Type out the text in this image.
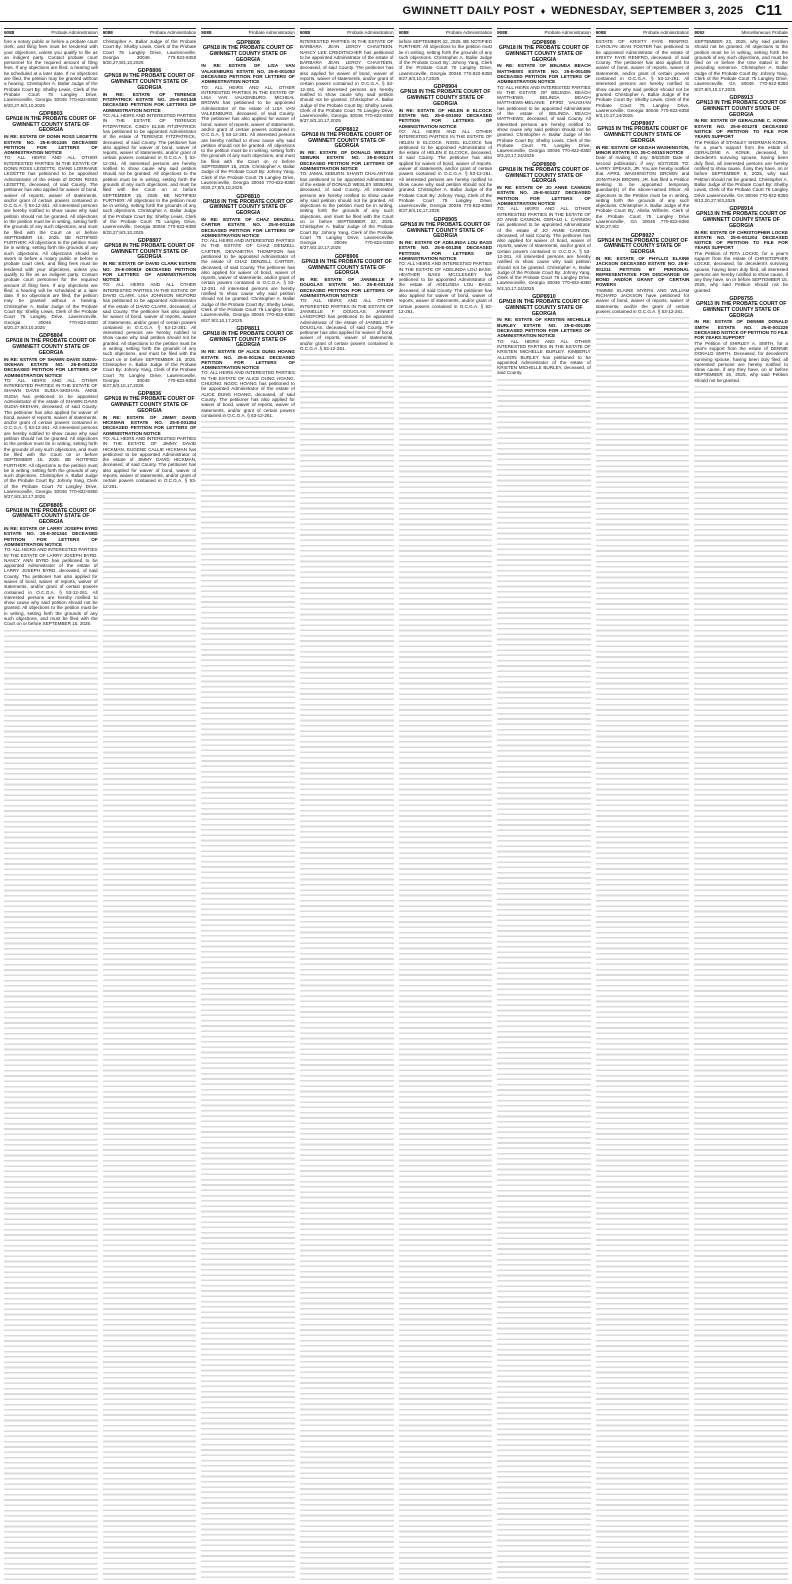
GWINNETT DAILY POST ♦ WEDNESDAY, SEPTEMBER 3, 2025 C11
9088	Probate Administration
fore a notary public or before a probate court clerk, and filing fees must be tendered with your objections, unless you qualify to file as an indigent party. Contact probate court personnel for the required amount of filing fees. If any objections are filed, a hearing will be scheduled at a later date. If no objections are filed, the petition may be granted without a hearing. Christopher A. Ballar Judge of the Probate Court By: Shelby Lewis, Clerk of the Probate Court 75 Langley Drive, Lawrenceville, Georgia 30046 770-822-8350 8/20,27,9/3,10,2025
GDP8803
GPN18 IN THE PROBATE COURT OF GWINNETT COUNTY STATE OF GEORGIA
IN RE: ESTATE OF DONN ROSS LEGETTE ESTATE NO. 25-E-001345 DECEASED PETITION FOR LETTERS OF ADMINISTRATION NOTICE
TO: ALL HEIRS AND ALL OTHER INTERESTED PARTIES IN THE ESTATE OF DONN ROSS LEGETTE. DIANE LORRAINE LEGETTE has petitioned to be appointed Administrator of the estate of DONN ROSS LEGETTE, deceased, of said County. The petitioner has also applied for waiver of bond, waiver of reports, waiver of statements, and/or grant of certain powers contained in O.C.G.A. § 53-12-261. All interested persons are hereby notified to show cause why said petition should not be granted. All objections to the petition must be in writing, setting forth the grounds of any such objections, and must be filed with the Court on or before SEPTEMBER 15, 2025. BE NOTIFIED FURTHER: All objections to the petition must be in writing, setting forth the grounds of any such objections. All objections should be sworn to before a notary public or before a probate court clerk, and filing fees must be tendered with your objections, unless you qualify to file as an indigent party. Contact probate court personnel for the required amount of filing fees. If any objections are filed, a hearing will be scheduled at a later date. If no objections are filed, the petition may be granted without a hearing. Christopher A. Ballar Judge of the Probate Court By: Shelby Lewis, Clerk of the Probate Court 75 Langley Drive, Lawrenceville, Georgia 30046 770-822-8350 8/20,27,9/3,10,2025
GDP8804
GPN18 IN THE PROBATE COURT OF GWINNETT COUNTY STATE OF GEORGIA
IN RE: ESTATE OF SHAWN DAVIS SUDIA-SKEHAN ESTATE NO. 25-E-001223 DECEASED PETITION FOR LETTERS OF ADMINISTRATION NOTICE
TO: ALL HEIRS AND ALL OTHER INTERESTED PARTIES IN THE ESTATE OF SHAWN DAVIS SUDIA-SKEHAN. ANNE SUDIA has petitioned to be appointed Administrator of the estate of SHAWN DAVIS SUDIA-SKEHAN, deceased, of said County. The petitioner has also applied for waiver of bond, waiver of reports, waiver of statements, and/or grant of certain powers contained in O.C.G.A. § 53-12-261. All interested persons are hereby notified to show cause why said petition should not be granted. All objections to the petition must be in writing, setting forth the grounds of any such objections, and must be filed with the Court on or before SEPTEMBER 15, 2025. BE NOTIFIED FURTHER: All objections to the petition must be in writing, setting forth the grounds of any such objections. Christopher A. Ballar Judge of the Probate Court By: Johnny Yang, Clerk of the Probate Court 75 Langley Drive, Lawrenceville, Georgia 30046 770-822-8350 8/27,9/3,10,17,2025
GDP8805
GPN18 IN THE PROBATE COURT OF GWINNETT COUNTY STATE OF GEORGIA
IN RE: ESTATE OF LARRY JOSEPH BYRD ESTATE NO. 25-E-001344 DECEASED PETITION FOR LETTERS OF ADMINISTRATION NOTICE
TO: ALL HEIRS AND INTERESTED PARTIES IN THE ESTATE OF LARRY JOSEPH BYRD. NANCY ANN BYRD has petitioned to be appointed Administrator of the estate of LARRY JOSEPH BYRD, deceased, of said County. The petitioner has also applied for waiver of bond, waiver of reports, waiver of statements, and/or grant of certain powers contained in O.C.G.A. § 53-12-261. All interested persons are hereby notified to show cause why said petition should not be granted. All objections to the petition must be in writing, setting forth the grounds of any such objections, and must be filed with the Court on or before SEPTEMBER 15, 2025.
9088	Probate Administration
Christopher A. Ballar Judge of the Probate Court By: Shelby Lewis, Clerk of the Probate Court 75 Langley Drive, Lawrenceville, Georgia 30046 770-822-8350 8/20,27,9/3,10,2025
GDP8806
GPN18 IN THE PROBATE COURT OF GWINNETT COUNTY STATE OF GEORGIA
IN RE: ESTATE OF TERENCE FITZPATRICK ESTATE NO. 25-E-001348 DECEASED PETITION FOR LETTERS OF ADMINISTRATION NOTICE
TO: ALL HEIRS AND INTERESTED PARTIES IN THE ESTATE OF TERENCE FITZPATRICK. CINDY ELSIE FITZPATRICK has petitioned to be appointed Administrator of the estate of TERENCE FITZPATRICK, deceased, of said County. The petitioner has also applied for waiver of bond, waiver of reports, waiver of statements, and/or grant of certain powers contained in O.C.G.A. § 53-12-261. All interested persons are hereby notified to show cause why said petition should not be granted. All objections to the petition must be in writing, setting forth the grounds of any such objections, and must be filed with the Court on or before SEPTEMBER 15, 2025. BE NOTIFIED FURTHER: All objections to the petition must be in writing, setting forth the grounds of any such objections. Christopher A. Ballar Judge of the Probate Court By: Shelby Lewis, Clerk of the Probate Court 75 Langley Drive, Lawrenceville, Georgia 30046 770-822-8350 8/20,27,9/3,10,2025
GDP8807
GPN18 IN THE PROBATE COURT OF GWINNETT COUNTY STATE OF GEORGIA
IN RE: ESTATE OF DAVID CLARK ESTATE NO. 25-E-000919 DECEASED PETITION FOR LETTERS OF ADMINISTRATION NOTICE
TO: ALL HEIRS AND ALL OTHER INTERESTED PARTIES IN THE ESTATE OF DAVID CLARK. LISA JOHNSON MCFORD has petitioned to be appointed Administrator of the estate of DAVID CLARK, deceased, of said County. The petitioner has also applied for waiver of bond, waiver of reports, waiver of statements, and/or grant of certain powers contained in O.C.G.A. § 53-12-261. All interested persons are hereby notified to show cause why said petition should not be granted. All objections to the petition must be in writing, setting forth the grounds of any such objections, and must be filed with the Court on or before SEPTEMBER 15, 2025. Christopher A. Ballar Judge of the Probate Court By: Johnny Yang, Clerk of the Probate Court 75 Langley Drive, Lawrenceville, Georgia 30046 770-822-8350 8/27,9/3,10,17,2025
GDP8836
GPN18 IN THE PROBATE COURT OF GWINNETT COUNTY STATE OF GEORGIA
IN RE: ESTATE OF JIMMY DAVID HICKMAN ESTATE NO. 25-E-001354 DECEASED PETITION FOR LETTERS OF ADMINISTRATION NOTICE
TO: ALL HEIRS AND INTERESTED PARTIES IN THE ESTATE OF JIMMY DAVID HICKMAN. EUGENE CALLIE HICKMAN has petitioned to be appointed Administrator of the estate of JIMMY DAVID HICKMAN, deceased, of said County. The petitioner has also applied for waiver of bond, waiver of reports, waiver of statements, and/or grant of certain powers contained in O.C.G.A. § 53-12-261.
9088	Probate Administration
GDP8808
GPN18 IN THE PROBATE COURT OF GWINNETT COUNTY STATE OF GEORGIA
IN RE: ESTATE OF LISA VAN VALKENBURG ESTATE NO. 25-E-001053 DECEASED PETITION FOR LETTERS OF ADMINISTRATION NOTICE
TO: ALL HEIRS AND ALL OTHER INTERESTED PARTIES IN THE ESTATE OF LISA VAN VALKENBURG. MICHEAL BROWN has petitioned to be appointed Administrator of the estate of LISA VAN VALKENBURG, deceased, of said County. The petitioner has also applied for waiver of bond, waiver of reports, waiver of statements, and/or grant of certain powers contained in O.C.G.A. § 53-12-261. All interested persons are hereby notified to show cause why said petition should not be granted. All objections to the petition must be in writing, setting forth the grounds of any such objections, and must be filed with the Court on or before SEPTEMBER 15, 2025. Christopher A. Ballar Judge of the Probate Court By: Johnny Yang, Clerk of the Probate Court 75 Langley Drive, Lawrenceville, Georgia 30046 770-822-8350 8/20,27,9/3,10,2025
GDP8810
GPN18 IN THE PROBATE COURT OF GWINNETT COUNTY STATE OF GEORGIA
IN RE: ESTATE OF CHAZ DENZELL CARTER ESTATE NO. 25-E-001146 DECEASED PETITION FOR LETTERS OF ADMINISTRATION NOTICE
TO: ALL HEIRS AND INTERESTED PARTIES IN THE ESTATE OF CHAZ DENZELL CARTER. DEVANETRA THOMPSON has petitioned to be appointed Administrator of the estate of CHAZ DENZELL CARTER, deceased, of said County. The petitioner has also applied for waiver of bond, waiver of reports, waiver of statements, and/or grant of certain powers contained in O.C.G.A. § 53-12-261. All interested persons are hereby notified to show cause why said petition should not be granted. Christopher A. Ballar Judge of the Probate Court By: Shelby Lewis, Clerk of the Probate Court 75 Langley Drive, Lawrenceville, Georgia 30046 770-822-8350 8/27,9/3,10,17,2025
GDP8811
GPN18 IN THE PROBATE COURT OF GWINNETT COUNTY STATE OF GEORGIA
IN RE: ESTATE OF ALICE DUNG HOANG ESTATE NO. 25-E-001264 DECEASED PETITION FOR LETTERS OF ADMINISTRATION NOTICE
TO: ALL HEIRS AND INTERESTED PARTIES IN THE ESTATE OF ALICE DUNG HOANG. CHUONG NGOC HOANG has petitioned to be appointed Administrator of the estate of ALICE DUNG HOANG, deceased, of said County. The petitioner has also applied for waiver of bond, waiver of reports, waiver of statements, and/or grant of certain powers contained in O.C.G.A. § 53-12-261.
9088	Probate Administration
INTERESTED PARTIES IN THE ESTATE OF BARBARA JEAN LEROY CHASTEEN. NANCY LEE CREDITSCHER has petitioned to be appointed Administrator of the estate of BARBARA JEAN LEROY CHASTEEN, deceased, of said County. The petitioner has also applied for waiver of bond, waiver of reports, waiver of statements, and/or grant of certain powers contained in O.C.G.A. § 53-12-261. All interested persons are hereby notified to show cause why said petition should not be granted. Christopher A. Ballar Judge of the Probate Court By: Shelby Lewis, Clerk of the Probate Court 75 Langley Drive, Lawrenceville, Georgia 30046 770-822-8350 8/27,9/3,10,17,2025
GDP8812
GPN18 IN THE PROBATE COURT OF GWINNETT COUNTY STATE OF GEORGIA
IN RE: ESTATE OF DONALD WESLEY SEBURN ESTATE NO. 25-E-001174 DECEASED PETITION FOR LETTERS OF ADMINISTRATION NOTICE
TO: JAMAL SEBURN. SHANTI CHALANTANI has petitioned to be appointed Administrator of the estate of DONALD WESLEY SEBURN, deceased, of said County. All interested persons are hereby notified to show cause why said petition should not be granted. All objections to the petition must be in writing, setting forth the grounds of any such objections, and must be filed with the Court on or before SEPTEMBER 22, 2025. Christopher A. Ballar Judge of the Probate Court By: Johnny Yang, Clerk of the Probate Court 75 Langley Drive, Lawrenceville, Georgia 30046 770-822-8350 8/27,9/3,10,17,2025
GDP8906
GPN18 IN THE PROBATE COURT OF GWINNETT COUNTY STATE OF GEORGIA
IN RE: ESTATE OF JANNELLE F DOUGLAS ESTATE NO. 25-E-001324 DECEASED PETITION FOR LETTERS OF ADMINISTRATION NOTICE
TO: ALL HEIRS AND ALL OTHER INTERESTED PARTIES IN THE ESTATE OF JANNELLE F DOUGLAS. JANNET LANGFORD has petitioned to be appointed Administrator of the estate of JANNELLE F DOUGLAS, deceased, of said County. The petitioner has also applied for waiver of bond, waiver of reports, waiver of statements, and/or grant of certain powers contained in O.C.G.A. § 53-12-261.
9088	Probate Administration
before SEPTEMBER 22, 2025. BE NOTIFIED FURTHER: All objections to the petition must be in writing, setting forth the grounds of any such objections. Christopher A. Ballar Judge of the Probate Court By: Johnny Yang, Clerk of the Probate Court 75 Langley Drive, Lawrenceville, Georgia 30046 770-822-8350 8/27,9/3,10,17,2025
GDP8904
GPN18 IN THE PROBATE COURT OF GWINNETT COUNTY STATE OF GEORGIA
IN RE: ESTATE OF HELEN E ELCOCK ESTATE NO. 25-E-001092 DECEASED PETITION FOR LETTERS OF ADMINISTRATION NOTICE
TO: ALL HEIRS AND ALL OTHER INTERESTED PARTIES IN THE ESTATE OF HELEN E ELCOCK. NIGEL ELCOCK has petitioned to be appointed Administrator of the estate of HELEN E ELCOCK, deceased, of said County. The petitioner has also applied for waiver of bond, waiver of reports, waiver of statements, and/or grant of certain powers contained in O.C.G.A. § 53-12-261. All interested persons are hereby notified to show cause why said petition should not be granted. Christopher A. Ballar Judge of the Probate Court By: Johnny Yang, Clerk of the Probate Court 75 Langley Drive, Lawrenceville, Georgia 30046 770-822-8350 8/27,9/3,10,17,2025
GDP8905
GPN18 IN THE PROBATE COURT OF GWINNETT COUNTY STATE OF GEORGIA
IN RE: ESTATE OF ADELINDA LOU BASS ESTATE NO. 25-E-001358 DECEASED PETITION FOR LETTERS OF ADMINISTRATION NOTICE
TO: ALL HEIRS AND INTERESTED PARTIES IN THE ESTATE OF ADELINDA LOU BASS. HEATHER BASS MCCLESKEY has petitioned to be appointed Administrator of the estate of ADELINDA LOU BASS, deceased, of said County. The petitioner has also applied for waiver of bond, waiver of reports, waiver of statements, and/or grant of certain powers contained in O.C.G.A. § 53-12-261.
9088	Probate Administration
GDP8908
GPN18 IN THE PROBATE COURT OF GWINNETT COUNTY STATE OF GEORGIA
IN RE: ESTATE OF BELINDA BEACH MATTHEWS ESTATE NO. 25-E-001405 DECEASED PETITION FOR LETTERS OF ADMINISTRATION NOTICE
TO: ALL HEIRS AND INTERESTED PARTIES IN THE ESTATE OF BELINDA BEACH MATTHEWS. BELINDA BEACH MATTHEWS-MELANIE EFIRD VAUGHAN has petitioned to be appointed Administrator of the estate of BELINDA BEACH MATTHEWS, deceased, of said County. All interested persons are hereby notified to show cause why said petition should not be granted. Christopher A. Ballar Judge of the Probate Court By: Shelby Lewis, Clerk of the Probate Court 75 Langley Drive, Lawrenceville, Georgia 30046 770-822-8350 9/3,10,17,24/2025
GDP8909
GPN18 IN THE PROBATE COURT OF GWINNETT COUNTY STATE OF GEORGIA
IN RE: ESTATE OF JO ANNE CANNON ESTATE NO. 25-E-001227 DECEASED PETITION FOR LETTERS OF ADMINISTRATION NOTICE
TO: ALL HEIRS AND ALL OTHER INTERESTED PARTIES IN THE ESTATE OF JO ANNE CANNON. GERALD L. CANNON has petitioned to be appointed Administrator of the estate of JO ANNE CANNON, deceased, of said County. The petitioner has also applied for waiver of bond, waiver of reports, waiver of statements, and/or grant of certain powers contained in O.C.G.A. § 53-12-261. All interested persons are hereby notified to show cause why said petition should not be granted. Christopher A. Ballar Judge of the Probate Court By: Johnny Yang, Clerk of the Probate Court 75 Langley Drive, Lawrenceville, Georgia 30046 770-822-8350 9/3,10,17,24/2025
GDP8910
GPN18 IN THE PROBATE COURT OF GWINNETT COUNTY STATE OF GEORGIA
IN RE: ESTATE OF KRISTEN MICHELLE BURLEY ESTATE NO. 25-E-001380 DECEASED PETITION FOR LETTERS OF ADMINISTRATION NOTICE
TO: ALL HEIRS AND ALL OTHER INTERESTED PARTIES IN THE ESTATE OF KRISTEN MICHELLE BURLEY. KIMBERLY ALLISON BURLEY has petitioned to be appointed Administrator of the estate of KRISTEN MICHELLE BURLEY, deceased, of said County.
9088	Probate Administration
ESTATE OF KRISTY FAYE RENFRO. CAROLYN JEAN FOSTER has petitioned to be appointed Administrator of the estate of KRISTY FAYE RENFRO, deceased, of said County. The petitioner has also applied for waiver of bond, waiver of reports, waiver of statements, and/or grant of certain powers contained in O.C.G.A. § 53-12-261. All interested persons are hereby notified to show cause why said petition should not be granted. Christopher A. Ballar Judge of the Probate Court By: Shelby Lewis, Clerk of the Probate Court 75 Langley Drive, Lawrenceville, Georgia 30046 770-822-8350 9/3,10,17,24/2025
GDP8907
GPN15 IN THE PROBATE COURT OF GWINNETT COUNTY STATE OF GEORGIA
IN RE: ESTATE OF KEZIAH WASHINGTON, MINOR ESTATE NO. 25-C-00153 NOTICE
Date of mailing, if any: 8/6/2025 Date of second publication, if any: 8/27/2025 TO: LARRY SPEAKS, JR. You are hereby notified that APRIL WASHINGTON BROWN and JONATHAN BROWN, JR. has filed a Petition seeking to be appointed temporary guardian(s) of the above-named Minor. All objections to the Petition must be in writing, setting forth the grounds of any such objections. Christopher A. Ballar Judge of the Probate Court By: Alisha Wilhelm, Clerk of the Probate Court 75 Langley Drive Lawrenceville, GA 30046 770-822-8350 8/20,27,9/3
GDP8927
GPN14 IN THE PROBATE COURT OF GWINNETT COUNTY STATE OF GEORGIA
IN RE: ESTATE OF PHYLLIS ELAINE JACKSON DECEASED ESTATE NO. 25-E-001311 PETITION BY PERSONAL REPRESENTATIVE FOR DISCHARGE OF BOND AND/OR GRANT OF CERTAIN POWERS
TAMMIE ELAINE MYERS AND WILLIAM RICHARD JACKSON have petitioned for waiver of bond, waiver of reports, waiver of statements, and/or the grant of certain powers contained in O.C.G.A. § 53-12-261.
9092	Miscellaneous Probate
SEPTEMBER 22, 2025, why said petition should not be granted. All objections to the petition must be in writing, setting forth the grounds of any such objections, and must be filed on or before the time stated in the preceding sentence. Christopher A. Ballar Judge of the Probate Court By: Johnny Yang, Clerk of the Probate Court 75 Langley Drive, Lawrenceville, GA 30046 770-822-8350 8/27,9/3,10,17,2025
GDP8913
GPN13 IN THE PROBATE COURT OF GWINNETT COUNTY STATE OF GEORGIA
IN RE: ESTATE OF GERALDINE C. KONIK ESTATE NO. 25-E-001278 DECEASED NOTICE OF PETITION TO FILE FOR YEARS SUPPORT
The Petition of STANLEY SHERMAN KONIK, for a year's support from the estate of GERALDINE A. KONIK, deceased, for decedent's surviving spouse, having been duly filed, all interested persons are hereby notified to show cause, if any they have, on or before SEPTEMBER 8, 2025, why said Petition should not be granted. Christopher A. Ballar Judge of the Probate Court By: Shelby Lewis, Clerk of the Probate Court 75 Langley Drive Lawrenceville, GA 30046 770-822-8350 8/13,20,27,9/3,2025
GDP8914
GPN13 IN THE PROBATE COURT OF GWINNETT COUNTY STATE OF GEORGIA
IN RE: ESTATE OF CHRISTOPHER LOCKE ESTATE NO. 25-E-001204 DECEASED NOTICE OF PETITION TO FILE FOR YEARS SUPPORT
The Petition of RITA LOCKE, for a year's support from the estate of CHRISTOPHER LOCKE, deceased, for decedent's surviving spouse, having been duly filed, all interested persons are hereby notified to show cause, if any they have, on or before SEPTEMBER 15, 2025, why said Petition should not be granted.
GDP8755
GPN13 IN THE PROBATE COURT OF GWINNETT COUNTY STATE OF GEORGIA
IN RE: ESTATE OF DENNIE DONALD SMITH ESTATE NO. 25-E-001229 DECEASED NOTICE OF PETITION TO FILE FOR YEARS SUPPORT
The Petition of SHIRLEY A. SMITH, for a year's support from the estate of DENNIE DONALD SMITH, Deceased, for decedent's surviving spouse, having been duly filed, all interested persons are hereby notified to show cause, if any they have, on or before SEPTEMBER 15, 2025, why said Petition should not be granted.
